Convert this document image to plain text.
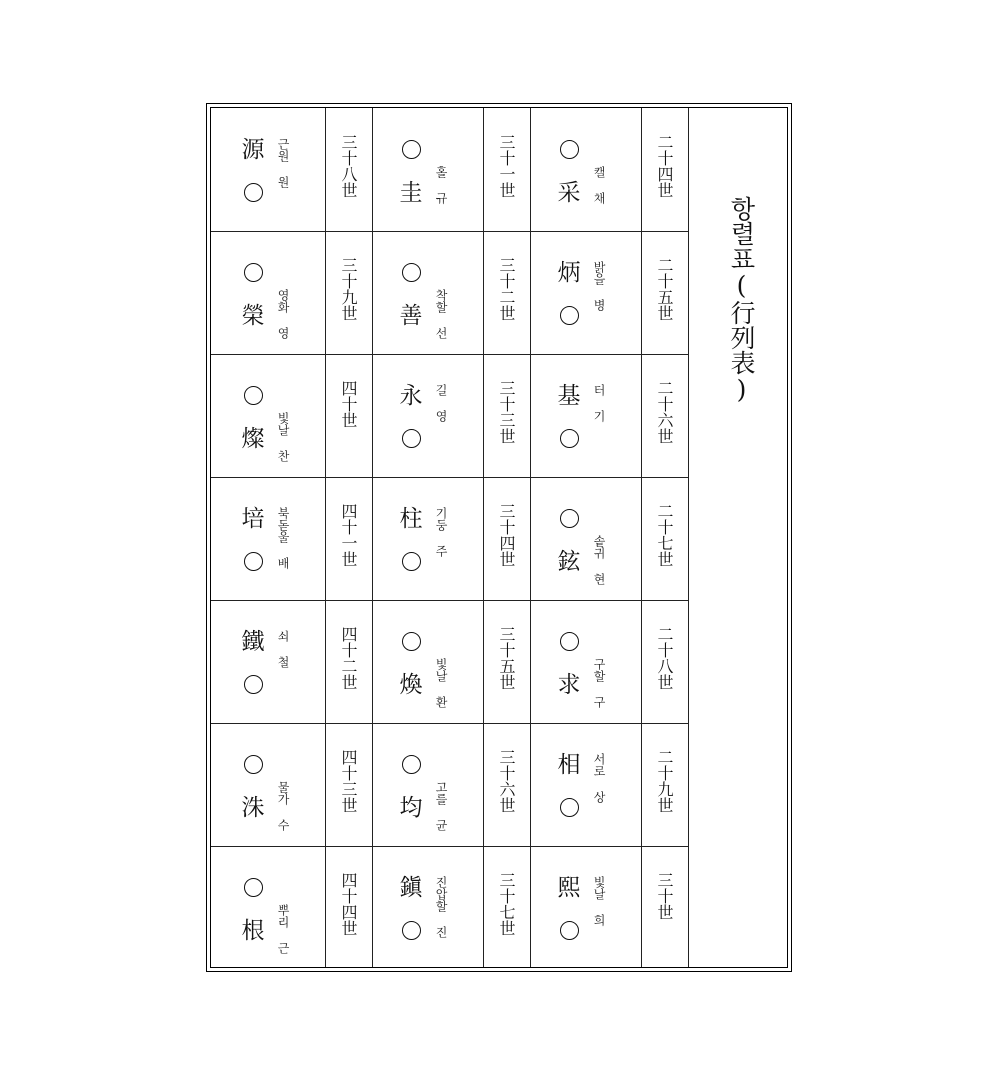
항렬표(行列表)
二十四世
采 캘 채
二十五世
炳 밝을 병
二十六世
基 터 기
二十七世
鉉 솥귀 현
二十八世
求 구할 구
二十九世
相 서로 상
三十世
熙 빛날 희
三十一世
圭 홀 규
三十二世
善 착할 선
三十三世
永 길 영
三十四世
柱 기둥 주
三十五世
煥 빛날 환
三十六世
均 고를 균
三十七世
鎭 진압할 진
三十八世
源 근원 원
三十九世
榮 영화 영
四十世
燦 빛날 찬
四十一世
培 북돋울 배
四十二世
鐵 쇠 철
四十三世
洙 물가 수
四十四世
根 뿌리 근
